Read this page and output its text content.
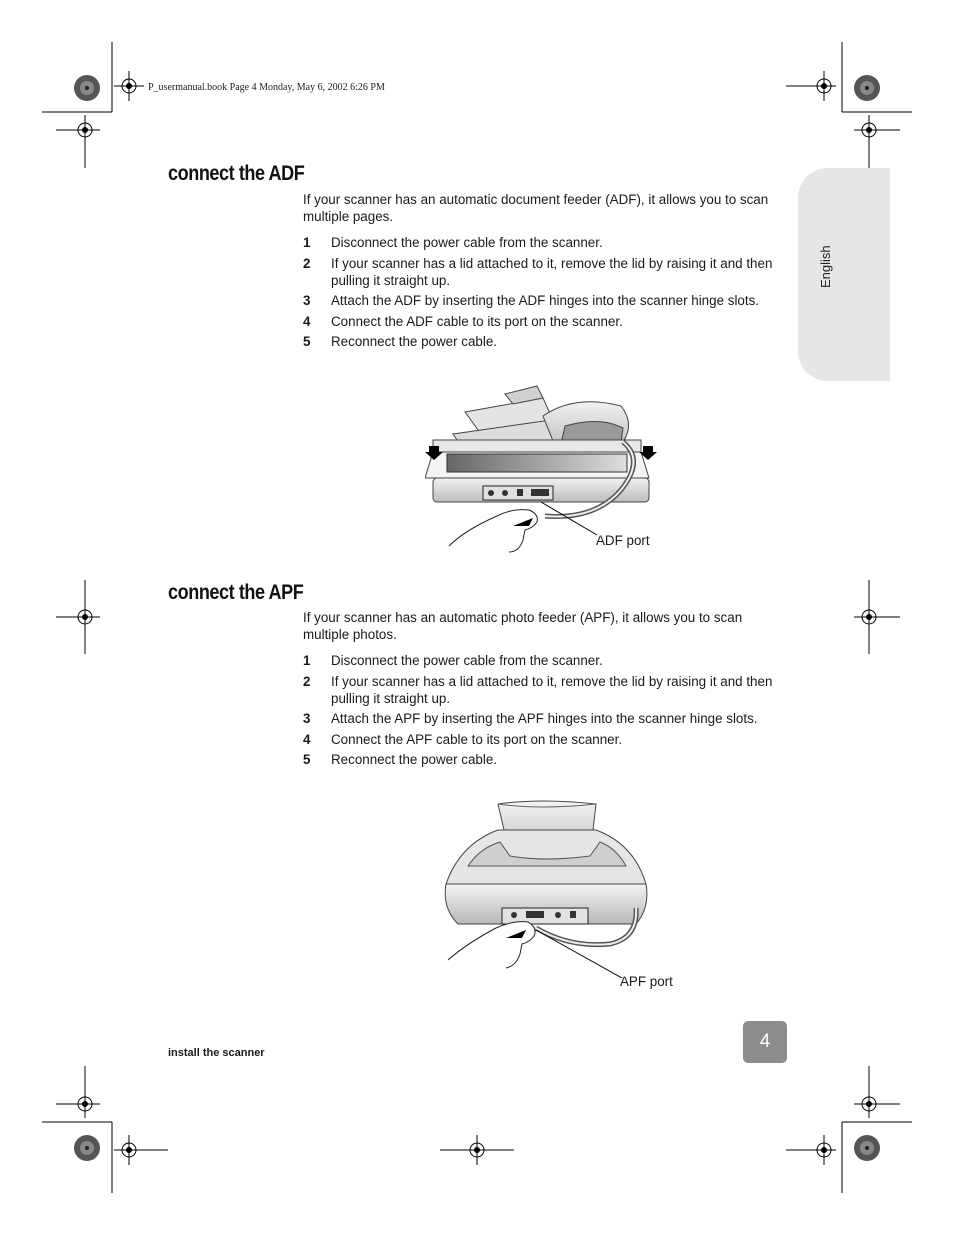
P_usermanual.book Page 4 Monday, May 6, 2002 6:26 PM
English
connect the ADF
If your scanner has an automatic document feeder (ADF), it allows you to scan multiple pages.
1 Disconnect the power cable from the scanner.
2 If your scanner has a lid attached to it, remove the lid by raising it and then pulling it straight up.
3 Attach the ADF by inserting the ADF hinges into the scanner hinge slots.
4 Connect the ADF cable to its port on the scanner.
5 Reconnect the power cable.
ADF port
connect the APF
If your scanner has an automatic photo feeder (APF), it allows you to scan multiple photos.
1 Disconnect the power cable from the scanner.
2 If your scanner has a lid attached to it, remove the lid by raising it and then pulling it straight up.
3 Attach the APF by inserting the APF hinges into the scanner hinge slots.
4 Connect the APF cable to its port on the scanner.
5 Reconnect the power cable.
APF port
install the scanner
4
